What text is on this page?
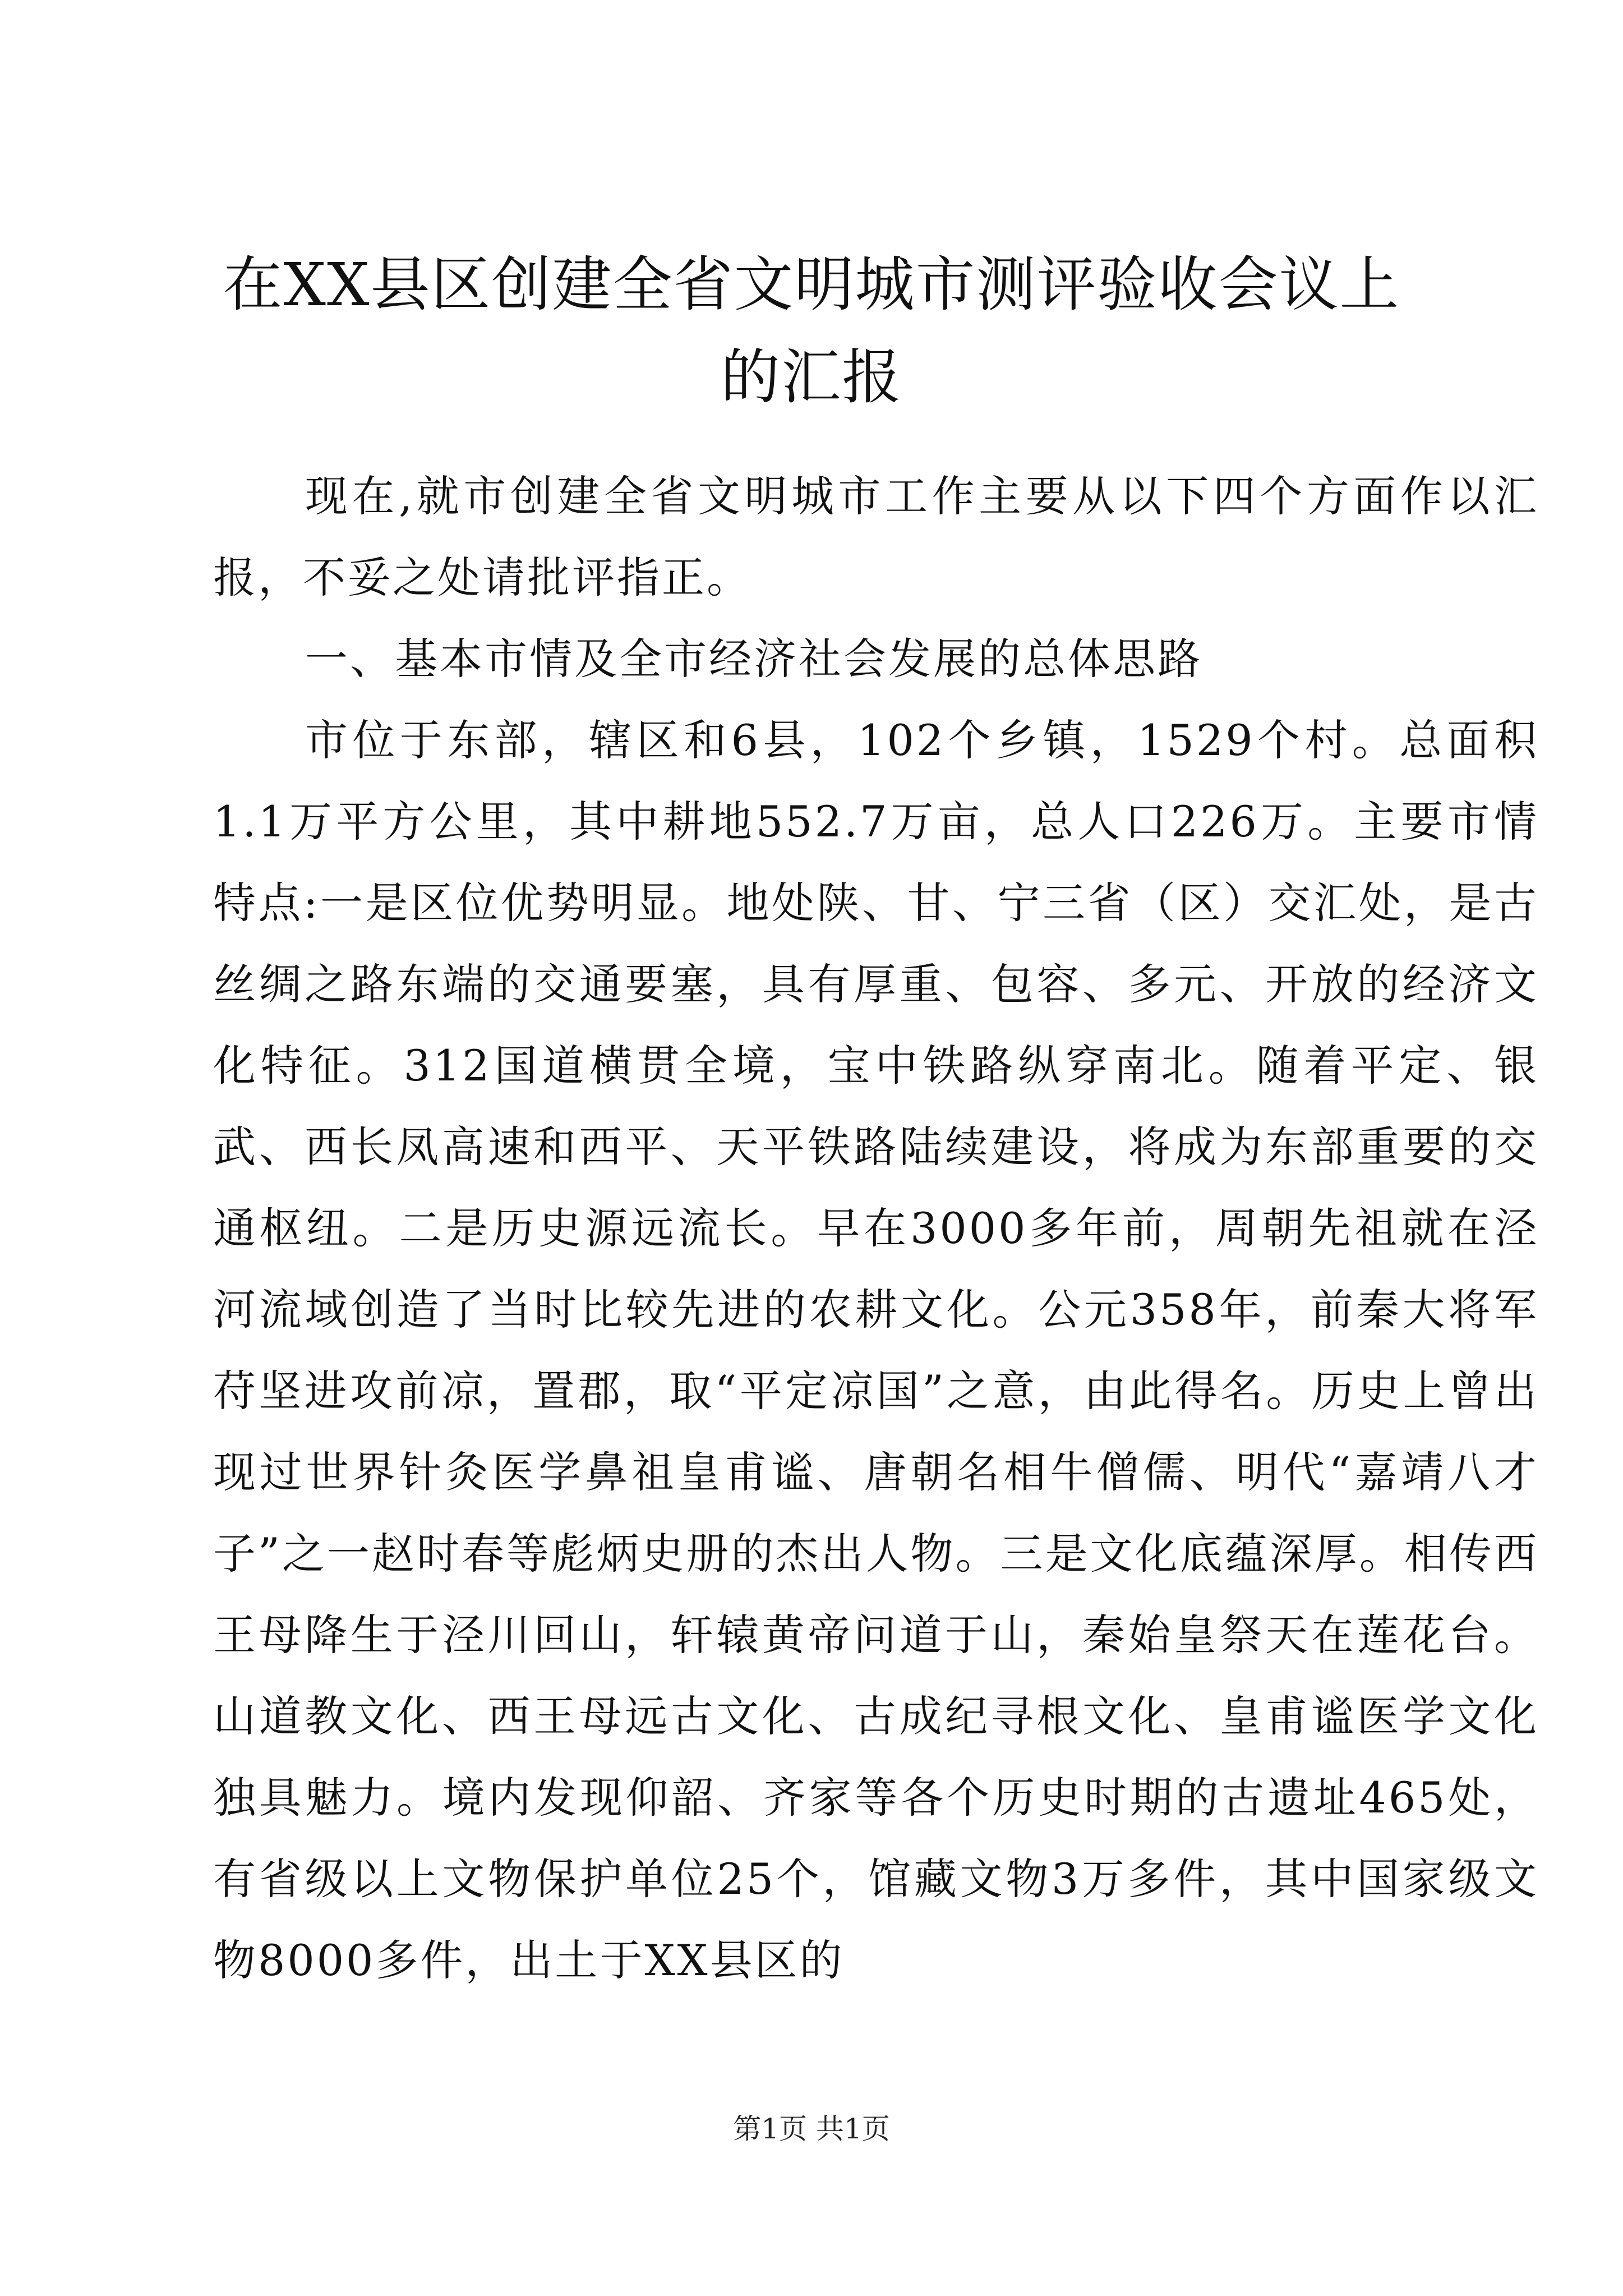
在XX县区创建全省文明城市测评验收会议上的汇报

现在,就市创建全省文明城市工作主要从以下四个方面作以汇报，不妥之处请批评指正。

一、基本市情及全市经济社会发展的总体思路

市位于东部，辖区和6县，102个乡镇，1529个村。总面积1.1万平方公里，其中耕地552.7万亩，总人口226万。主要市情特点:一是区位优势明显。地处陕、甘、宁三省（区）交汇处，是古丝绸之路东端的交通要塞，具有厚重、包容、多元、开放的经济文化特征。312国道横贯全境，宝中铁路纵穿南北。随着平定、银武、西长凤高速和西平、天平铁路陆续建设，将成为东部重要的交通枢纽。二是历史源远流长。早在3000多年前，周朝先祖就在泾河流域创造了当时比较先进的农耕文化。公元358年，前秦大将军苻坚进攻前凉，置郡，取“平定凉国”之意，由此得名。历史上曾出现过世界针灸医学鼻祖皇甫谧、唐朝名相牛僧儒、明代“嘉靖八才子”之一赵时春等彪炳史册的杰出人物。三是文化底蕴深厚。相传西王母降生于泾川回山，轩辕黄帝问道于山，秦始皇祭天在莲花台。山道教文化、西王母远古文化、古成纪寻根文化、皇甫谧医学文化独具魅力。境内发现仰韶、齐家等各个历史时期的古遗址465处，有省级以上文物保护单位25个，馆藏文物3万多件，其中国家级文物8000多件，出土于XX县区的

第1页 共1页
